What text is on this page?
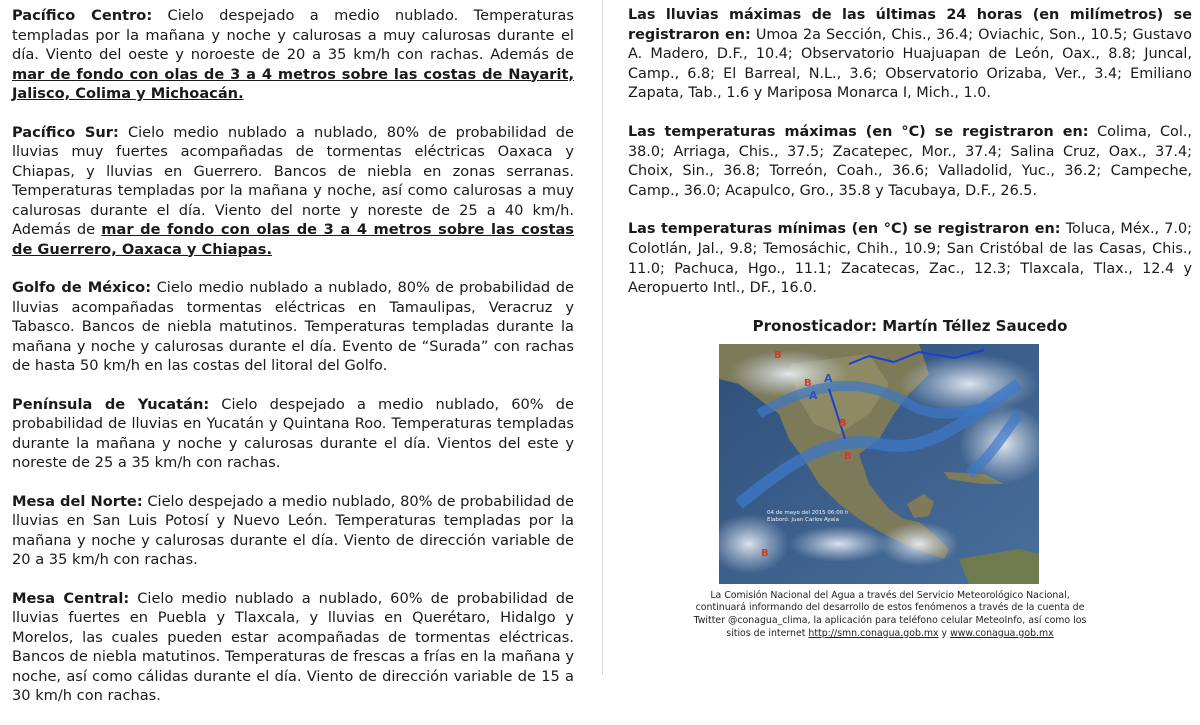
Pacífico Centro: Cielo despejado a medio nublado. Temperaturas templadas por la mañana y noche y calurosas a muy calurosas durante el día. Viento del oeste y noroeste de 20 a 35 km/h con rachas. Además de mar de fondo con olas de 3 a 4 metros sobre las costas de Nayarit, Jalisco, Colima y Michoacán.

Pacífico Sur: Cielo medio nublado a nublado, 80% de probabilidad de lluvias muy fuertes acompañadas de tormentas eléctricas Oaxaca y Chiapas, y lluvias en Guerrero. Bancos de niebla en zonas serranas. Temperaturas templadas por la mañana y noche, así como calurosas a muy calurosas durante el día. Viento del norte y noreste de 25 a 40 km/h. Además de mar de fondo con olas de 3 a 4 metros sobre las costas de Guerrero, Oaxaca y Chiapas.

Golfo de México: Cielo medio nublado a nublado, 80% de probabilidad de lluvias acompañadas tormentas eléctricas en Tamaulipas, Veracruz y Tabasco. Bancos de niebla matutinos. Temperaturas templadas durante la mañana y noche y calurosas durante el día. Evento de “Surada” con rachas de hasta 50 km/h en las costas del litoral del Golfo.

Península de Yucatán: Cielo despejado a medio nublado, 60% de probabilidad de lluvias en Yucatán y Quintana Roo. Temperaturas templadas durante la mañana y noche y calurosas durante el día. Vientos del este y noreste de 25 a 35 km/h con rachas.

Mesa del Norte: Cielo despejado a medio nublado, 80% de probabilidad de lluvias en San Luis Potosí y Nuevo León. Temperaturas templadas por la mañana y noche y calurosas durante el día. Viento de dirección variable de 20 a 35 km/h con rachas.

Mesa Central: Cielo medio nublado a nublado, 60% de probabilidad de lluvias fuertes en Puebla y Tlaxcala, y lluvias en Querétaro, Hidalgo y Morelos, las cuales pueden estar acompañadas de tormentas eléctricas. Bancos de niebla matutinos. Temperaturas de frescas a frías en la mañana y noche, así como cálidas durante el día. Viento de dirección variable de 15 a 30 km/h con rachas.

Las lluvias máximas de las últimas 24 horas (en milímetros) se registraron en: Umoa 2a Sección, Chis., 36.4; Oviachic, Son., 10.5; Gustavo A. Madero, D.F., 10.4; Observatorio Huajuapan de León, Oax., 8.8; Juncal, Camp., 6.8; El Barreal, N.L., 3.6; Observatorio Orizaba, Ver., 3.4; Emiliano Zapata, Tab., 1.6 y Mariposa Monarca I, Mich., 1.0.

Las temperaturas máximas (en °C) se registraron en: Colima, Col., 38.0; Arriaga, Chis., 37.5; Zacatepec, Mor., 37.4; Salina Cruz, Oax., 37.4; Choix, Sin., 36.8; Torreón, Coah., 36.6; Valladolid, Yuc., 36.2; Campeche, Camp., 36.0; Acapulco, Gro., 35.8 y Tacubaya, D.F., 26.5.

Las temperaturas mínimas (en °C) se registraron en: Toluca, Méx., 7.0; Colotlán, Jal., 9.8; Temosáchic, Chih., 10.9; San Cristóbal de las Casas, Chis., 11.0; Pachuca, Hgo., 11.1; Zacatecas, Zac., 12.3; Tlaxcala, Tlax., 12.4 y Aeropuerto Intl., DF., 16.0.

Pronosticador: Martín Téllez Saucedo

A
A
B
B
B
B
B
04 de mayo del 2015 06:00 h
Elaboró: Juan Carlos Ayala

La Comisión Nacional del Agua a través del Servicio Meteorológico Nacional, continuará informando del desarrollo de estos fenómenos a través de la cuenta de Twitter @conagua_clima, la aplicación para teléfono celular MeteoInfo, así como los sitios de internet http://smn.conagua.gob.mx y www.conagua.gob.mx
